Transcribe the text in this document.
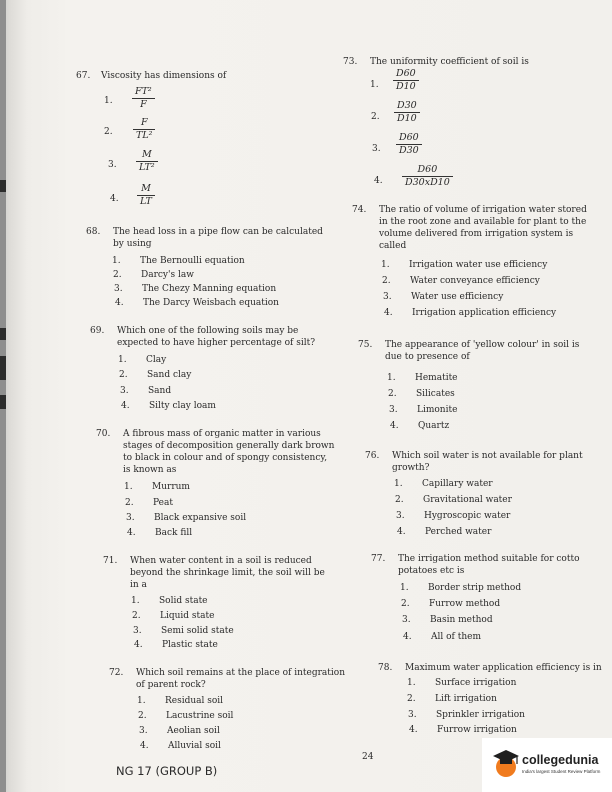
67. Viscosity has dimensions of
1. $\frac{\text{FT²}}{F}$
2. $\frac{F}{\text{TL²}}$
3. $\frac{M}{\text{LT²}}$
4. $\frac{M}{LT}$
68. The head loss in a pipe flow can be calculated
by using
1. The Bernoulli equation
2. Darcy's law
3. The Chezy Manning equation
4. The Darcy Weisbach equation
69. Which one of the following soils may be
expected to have higher percentage of silt?
1. Clay
2. Sand clay
3. Sand
4. Silty clay loam
70. A fibrous mass of organic matter in various
stages of decomposition generally dark brown
to black in colour and of spongy consistency,
is known as
1. Murrum
2. Peat
3. Black expansive soil
4. Back fill
71. When water content in a soil is reduced
beyond the shrinkage limit, the soil will be
in a
1. Solid state
2. Liquid state
3. Semi solid state
4. Plastic state
72. Which soil remains at the place of integration
of parent rock?
1. Residual soil
2. Lacustrine soil
3. Aeolian soil
4. Alluvial soil
73. The uniformity coefficient of soil is
1. $\frac{D60}{D10}$
2. $\frac{D30}{D10}$
3. $\frac{D60}{D30}$
4. $\frac{D60}{D30xD10}$
74. The ratio of volume of irrigation water stored
in the root zone and available for plant to the
volume delivered from irrigation system is
called
1. Irrigation water use efficiency
2. Water conveyance efficiency
3. Water use efficiency
4. Irrigation application efficiency
75. The appearance of 'yellow colour' in soil is
due to presence of
1. Hematite
2. Silicates
3. Limonite
4. Quartz
76. Which soil water is not available for plant
growth?
1. Capillary water
2. Gravitational water
3. Hygroscopic water
4. Perched water
77. The irrigation method suitable for cotto
potatoes etc is
1. Border strip method
2. Furrow method
3. Basin method
4. All of them
78. Maximum water application efficiency is in
1. Surface irrigation
2. Lift irrigation
3. Sprinkler irrigation
4. Furrow irrigation
24
NG 17 (GROUP B)
collegedunia
India's largest Student Review Platform
